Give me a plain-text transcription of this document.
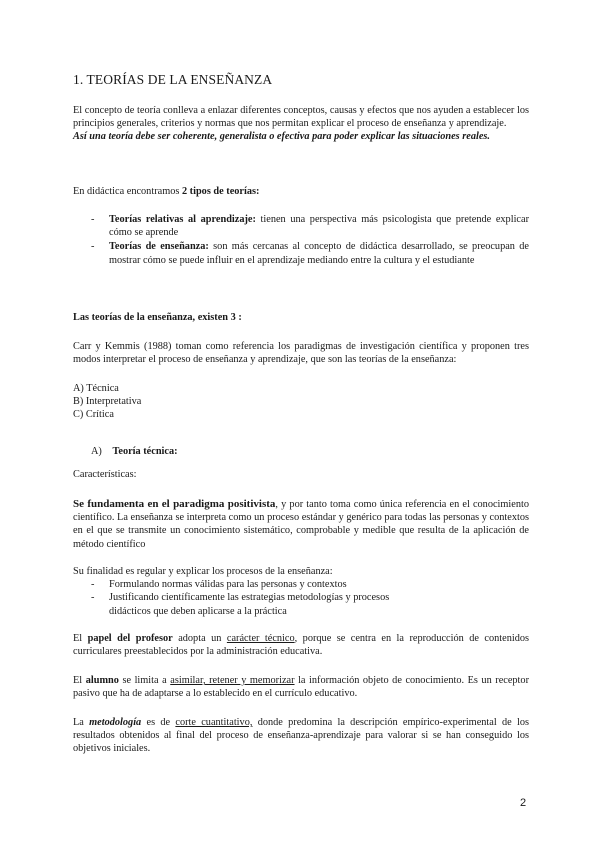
1. TEORÍAS DE LA ENSEÑANZA
El concepto de teoría conlleva a enlazar diferentes conceptos, causas y efectos que nos ayuden a establecer los principios generales, criterios y normas que nos permitan explicar el proceso de enseñanza y aprendizaje.
Así una teoría debe ser coherente, generalista o efectiva para poder explicar las situaciones reales.
En didáctica encontramos 2 tipos de teorías:
- Teorías relativas al aprendizaje: tienen una perspectiva más psicologista que pretende explicar cómo se aprende
- Teorías de enseñanza: son más cercanas al concepto de didáctica desarrollado, se preocupan de mostrar cómo se puede influir en el aprendizaje mediando entre la cultura y el estudiante
Las teorías de la enseñanza, existen 3 :
Carr y Kemmis (1988) toman como referencia los paradigmas de investigación científica y proponen tres modos interpretar el proceso de enseñanza y aprendizaje, que son las teorías de la enseñanza:
A) Técnica
B) Interpretativa
C) Crítica
A) Teoría técnica:
Características:
Se fundamenta en el paradigma positivista, y por tanto toma como única referencia en el conocimiento científico. La enseñanza se interpreta como un proceso estándar y genérico para todas las personas y contextos en el que se transmite un conocimiento sistemático, comprobable y medible que resulta de la aplicación de método científico
Su finalidad es regular y explicar los procesos de la enseñanza:
- Formulando normas válidas para las personas y contextos
- Justificando científicamente las estrategias metodologías y procesos didácticos que deben aplicarse a la práctica
El papel del profesor adopta un carácter técnico, porque se centra en la reproducción de contenidos curriculares preestablecidos por la administración educativa.
El alumno se limita a asimilar, retener y memorizar la información objeto de conocimiento. Es un receptor pasivo que ha de adaptarse a lo establecido en el currículo educativo.
La metodología es de corte cuantitativo, donde predomina la descripción empírico-experimental de los resultados obtenidos al final del proceso de enseñanza-aprendizaje para valorar si se han conseguido los objetivos iniciales.
2
